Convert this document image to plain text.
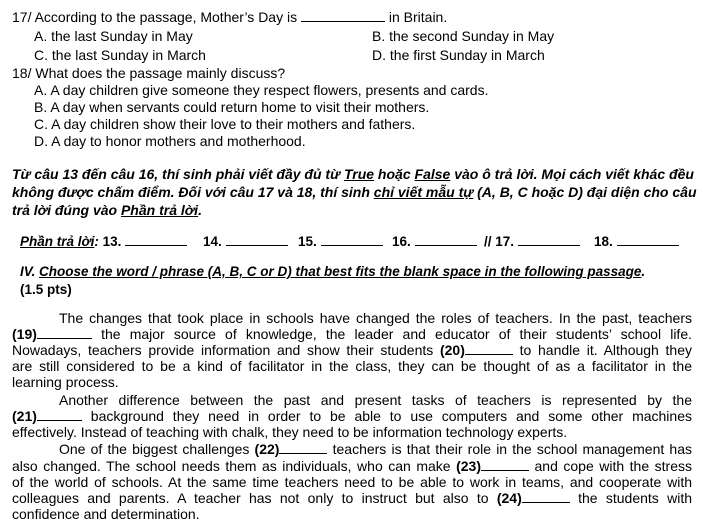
17/ According to the passage, Mother’s Day is	in Britain.
A. the last Sunday in May	B. the second Sunday in May
C. the last Sunday in March	D. the first Sunday in March
18/ What does the passage mainly discuss?
A. A day children give someone they respect flowers, presents and cards.
B. A day when servants could return home to visit their mothers.
C. A day children show their love to their mothers and fathers.
D. A day to honor mothers and motherhood.
Từ câu 13 đến câu 16, thí sinh phải viết đầy đủ từ True hoặc False vào ô trả lời. Mọi cách viết khác đều
không được chấm điểm. Đối với câu 17 và 18, thí sinh chỉ viết mẫu tự (A, B, C hoặc D) đại diện cho câu
trả lời đúng vào Phần trả lời.
Phần trả lời: 13.	14.	15.	16.	// 17.	18.
IV. Choose the word / phrase (A, B, C or D) that best fits the blank space in the following passage.
(1.5 pts)
The changes that took place in schools have changed the roles of teachers. In the past, teachers
(19)	the major source of knowledge, the leader and educator of their students’ school life.
Nowadays, teachers provide information and show their students (20)	to handle it. Although they
are still considered to be a kind of facilitator in the class, they can be thought of as a facilitator in the
learning process.
Another difference between the past and present tasks of teachers is represented by the
(21)	background they need in order to be able to use computers and some other machines
effectively. Instead of teaching with chalk, they need to be information technology experts.
One of the biggest challenges (22)	teachers is that their role in the school management has
also changed. The school needs them as individuals, who can make (23)	and cope with the stress
of the world of schools. At the same time teachers need to be able to work in teams, and cooperate with
colleagues and parents. A teacher has not only to instruct but also to (24)	the students with
confidence and determination.
